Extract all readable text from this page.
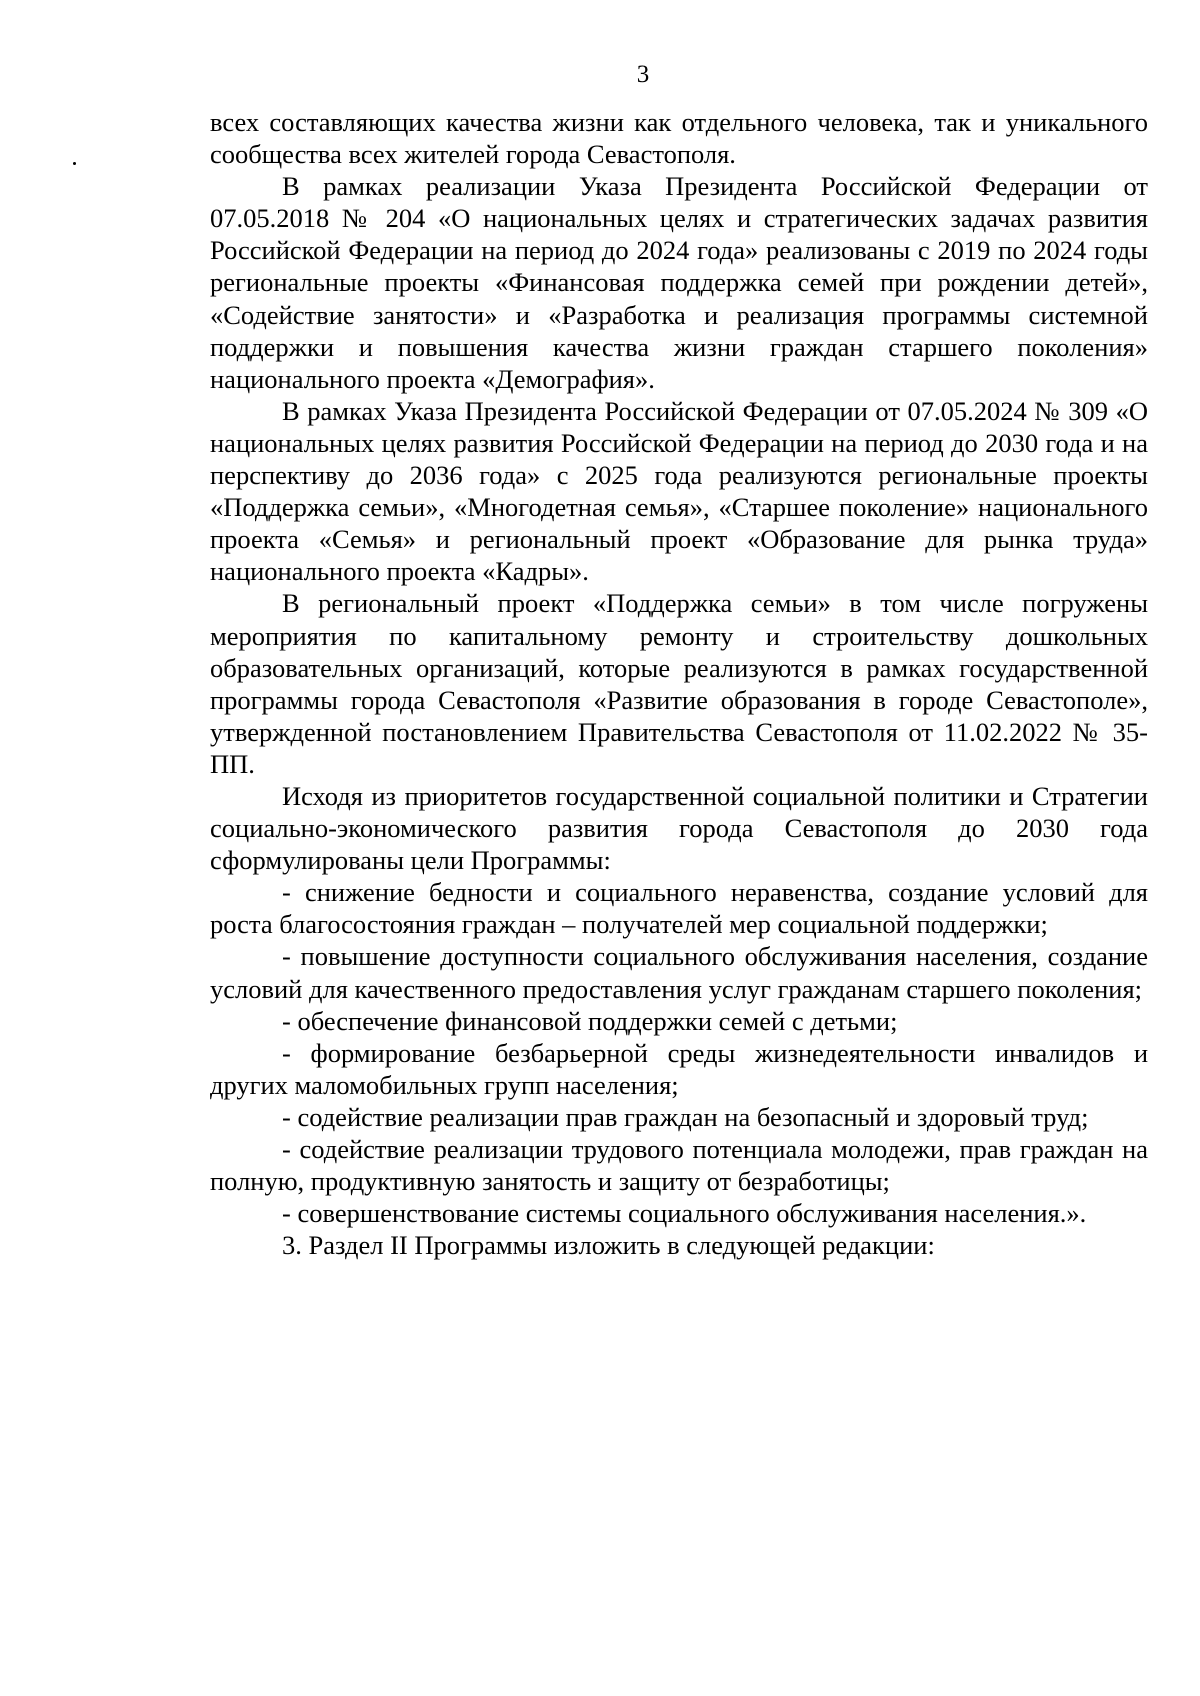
3

всех составляющих качества жизни как отдельного человека, так и уникального сообщества всех жителей города Севастополя.

В рамках реализации Указа Президента Российской Федерации от 07.05.2018 № 204 «О национальных целях и стратегических задачах развития Российской Федерации на период до 2024 года» реализованы с 2019 по 2024 годы региональные проекты «Финансовая поддержка семей при рождении детей», «Содействие занятости» и «Разработка и реализация программы системной поддержки и повышения качества жизни граждан старшего поколения» национального проекта «Демография».

В рамках Указа Президента Российской Федерации от 07.05.2024 № 309 «О национальных целях развития Российской Федерации на период до 2030 года и на перспективу до 2036 года» с 2025 года реализуются региональные проекты «Поддержка семьи», «Многодетная семья», «Старшее поколение» национального проекта «Семья» и региональный проект «Образование для рынка труда» национального проекта «Кадры».

В региональный проект «Поддержка семьи» в том числе погружены мероприятия по капитальному ремонту и строительству дошкольных образовательных организаций, которые реализуются в рамках государственной программы города Севастополя «Развитие образования в городе Севастополе», утвержденной постановлением Правительства Севастополя от 11.02.2022 № 35-ПП.

Исходя из приоритетов государственной социальной политики и Стратегии социально-экономического развития города Севастополя до 2030 года сформулированы цели Программы:

- снижение бедности и социального неравенства, создание условий для роста благосостояния граждан – получателей мер социальной поддержки;

- повышение доступности социального обслуживания населения, создание условий для качественного предоставления услуг гражданам старшего поколения;

- обеспечение финансовой поддержки семей с детьми;

- формирование безбарьерной среды жизнедеятельности инвалидов и других маломобильных групп населения;

- содействие реализации прав граждан на безопасный и здоровый труд;

- содействие реализации трудового потенциала молодежи, прав граждан на полную, продуктивную занятость и защиту от безработицы;

- совершенствование системы социального обслуживания населения.».

3. Раздел II Программы изложить в следующей редакции:
